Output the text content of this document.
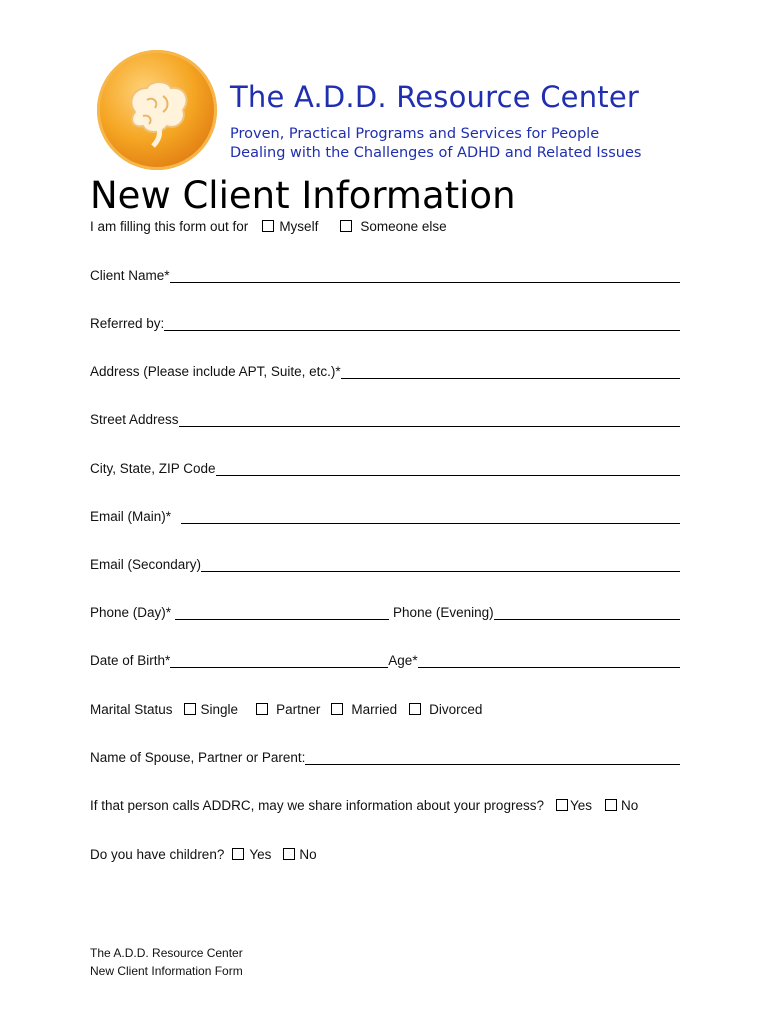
The A.D.D. Resource Center
Proven, Practical Programs and Services for People
Dealing with the Challenges of ADHD and Related Issues
New Client Information
I am filling this form out for Myself	Someone else
Client Name*
Referred by:
Address (Please include APT, Suite, etc.)*
Street Address
City, State, ZIP Code
Email (Main)*
Email (Secondary)
Phone (Day)*	Phone (Evening)
Date of Birth*	Age*
Marital Status Single	Partner Married Divorced
Name of Spouse, Partner or Parent:
If that person calls ADDRC, may we share information about your progress? Yes No
Do you have children? Yes No
The A.D.D. Resource Center
New Client Information Form
